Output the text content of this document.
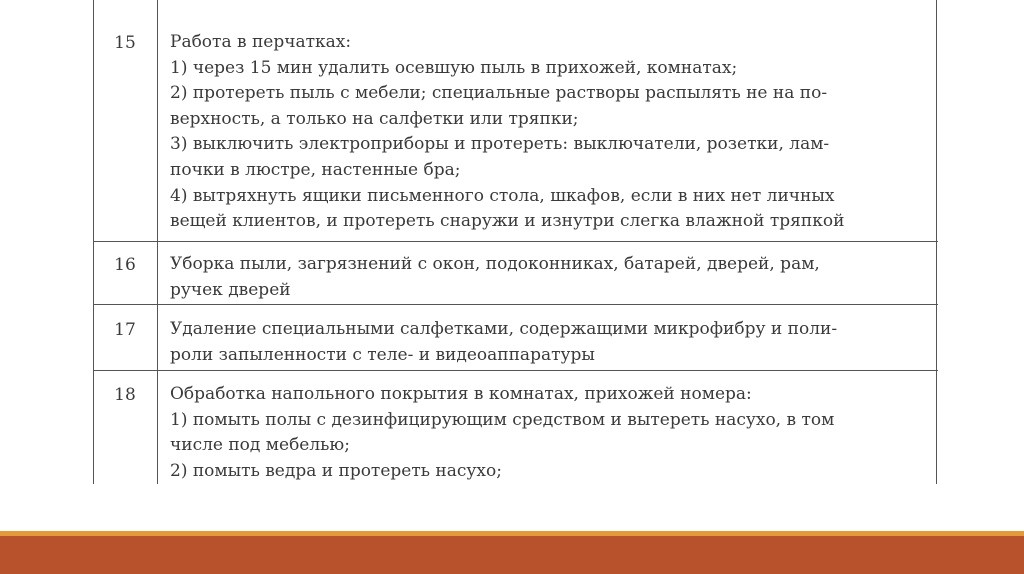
15	Работа в перчатках:
1) через 15 мин удалить осевшую пыль в прихожей, комнатах;
2) протереть пыль с мебели; специальные растворы распылять не на по-
верхность, а только на салфетки или тряпки;
3) выключить электроприборы и протереть: выключатели, розетки, лам-
почки в люстре, настенные бра;
4) вытряхнуть ящики письменного стола, шкафов, если в них нет личных
вещей клиентов, и протереть снаружи и изнутри слегка влажной тряпкой
16	Уборка пыли, загрязнений с окон, подоконниках, батарей, дверей, рам,
ручек дверей
17	Удаление специальными салфетками, содержащими микрофибру и поли-
роли запыленности с теле- и видеоаппаратуры
18	Обработка напольного покрытия в комнатах, прихожей номера:
1) помыть полы с дезинфицирующим средством и вытереть насухо, в том
числе под мебелью;
2) помыть ведра и протереть насухо;
